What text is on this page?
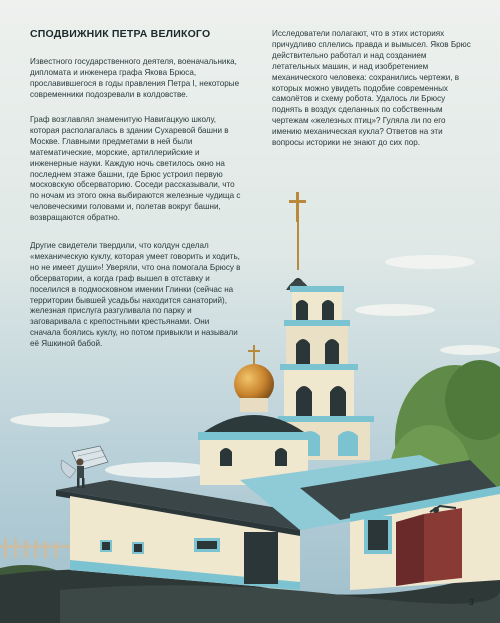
СПОДВИЖНИК ПЕТРА ВЕЛИКОГО

Известного государственного деятеля, военачальника, дипломата и инженера графа Якова Брюса, прославившегося в годы правления Петра I, некоторые современники подозревали в колдовстве.

Граф возглавлял знаменитую Навигацкую школу, которая располагалась в здании Сухаревой башни в Москве. Главными предметами в ней были математические, морские, артиллерийские и инженерные науки. Каждую ночь светилось окно на последнем этаже башни, где Брюс устроил первую московскую обсерваторию. Соседи рассказывали, что по ночам из этого окна выбираются железные чудища с человеческими головами и, полетав вокруг башни, возвращаются обратно.

Другие свидетели твердили, что колдун сделал «механическую куклу, которая умеет говорить и ходить, но не имеет души»! Уверяли, что она помогала Брюсу в обсерватории, а когда граф вышел в отставку и поселился в подмосковном имении Глинки (сейчас на территории бывшей усадьбы находится санаторий), железная прислуга разгуливала по парку и заговаривала с крепостными крестьянами. Они сначала боялись куклу, но потом привыкли и называли её Яшкиной бабой.

Исследователи полагают, что в этих историях причудливо сплелись правда и вымысел. Яков Брюс действительно работал и над созданием летательных машин, и над изобретением механического человека: сохранились чертежи, в которых можно увидеть подобие современных самолётов и схему робота. Удалось ли Брюсу поднять в воздух сделанных по собственным чертежам «железных птиц»? Гуляла ли по его имению механическая кукла? Ответов на эти вопросы историки не знают до сих пор.

3
